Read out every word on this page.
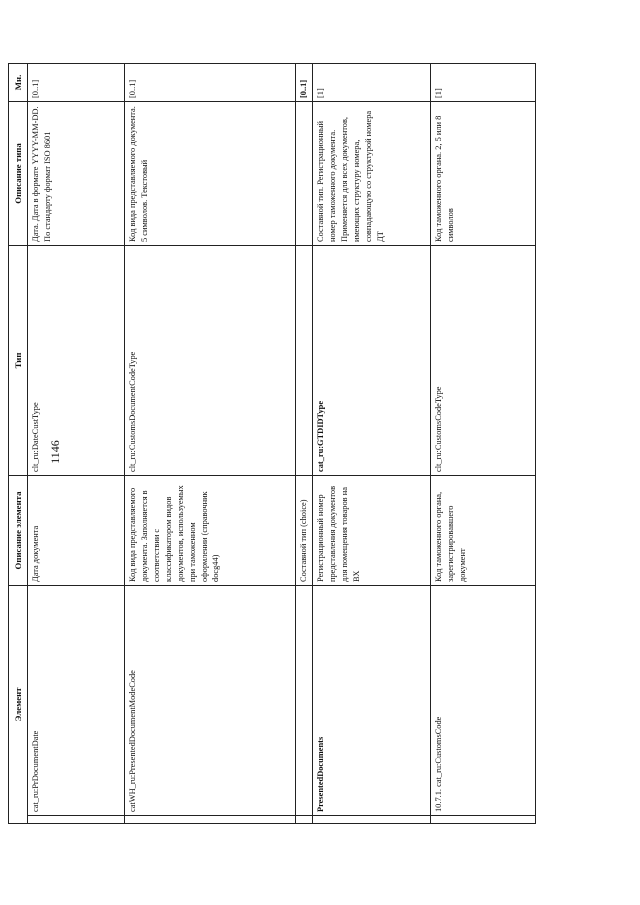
1146
Элемент		Описание элемента	Тип	Описание типа	Мн.
	cat_ru:PrDocumentDate	Дата документа	clt_ru:DateCustType	Дата. Дата в формате YYYY-MM-DD. По стандарту формат ISO 8601	[0..1]
	catWH_ru:PresentedDocumentModeCode	Код вида представляемого документа. Заполняется в соответствии с классификатором видов документов, используемых при таможенном оформлении (справочник docg44)	clt_ru:CustomsDocumentCodeType	Код вида представляемого документа. 5 символов. Текстовый	[0..1]
		Составной тип (choice)			[0..1]
	PresentedDocuments	Регистрационный номер представления документов для помещения товаров на ВХ	cat_ru:GTDIDType	Составной тип. Регистрационный номер таможенного документа. Применяется для всех документов, имеющих структуру номера, совпадающую со структурой номера ДТ	[1]
	10.7.1. cat_ru:CustomsCode	Код таможенного органа, зарегистрировавшего документ	clt_ru:CustomsCodeType	Код таможенного органа. 2, 5 или 8 символов	[1]
